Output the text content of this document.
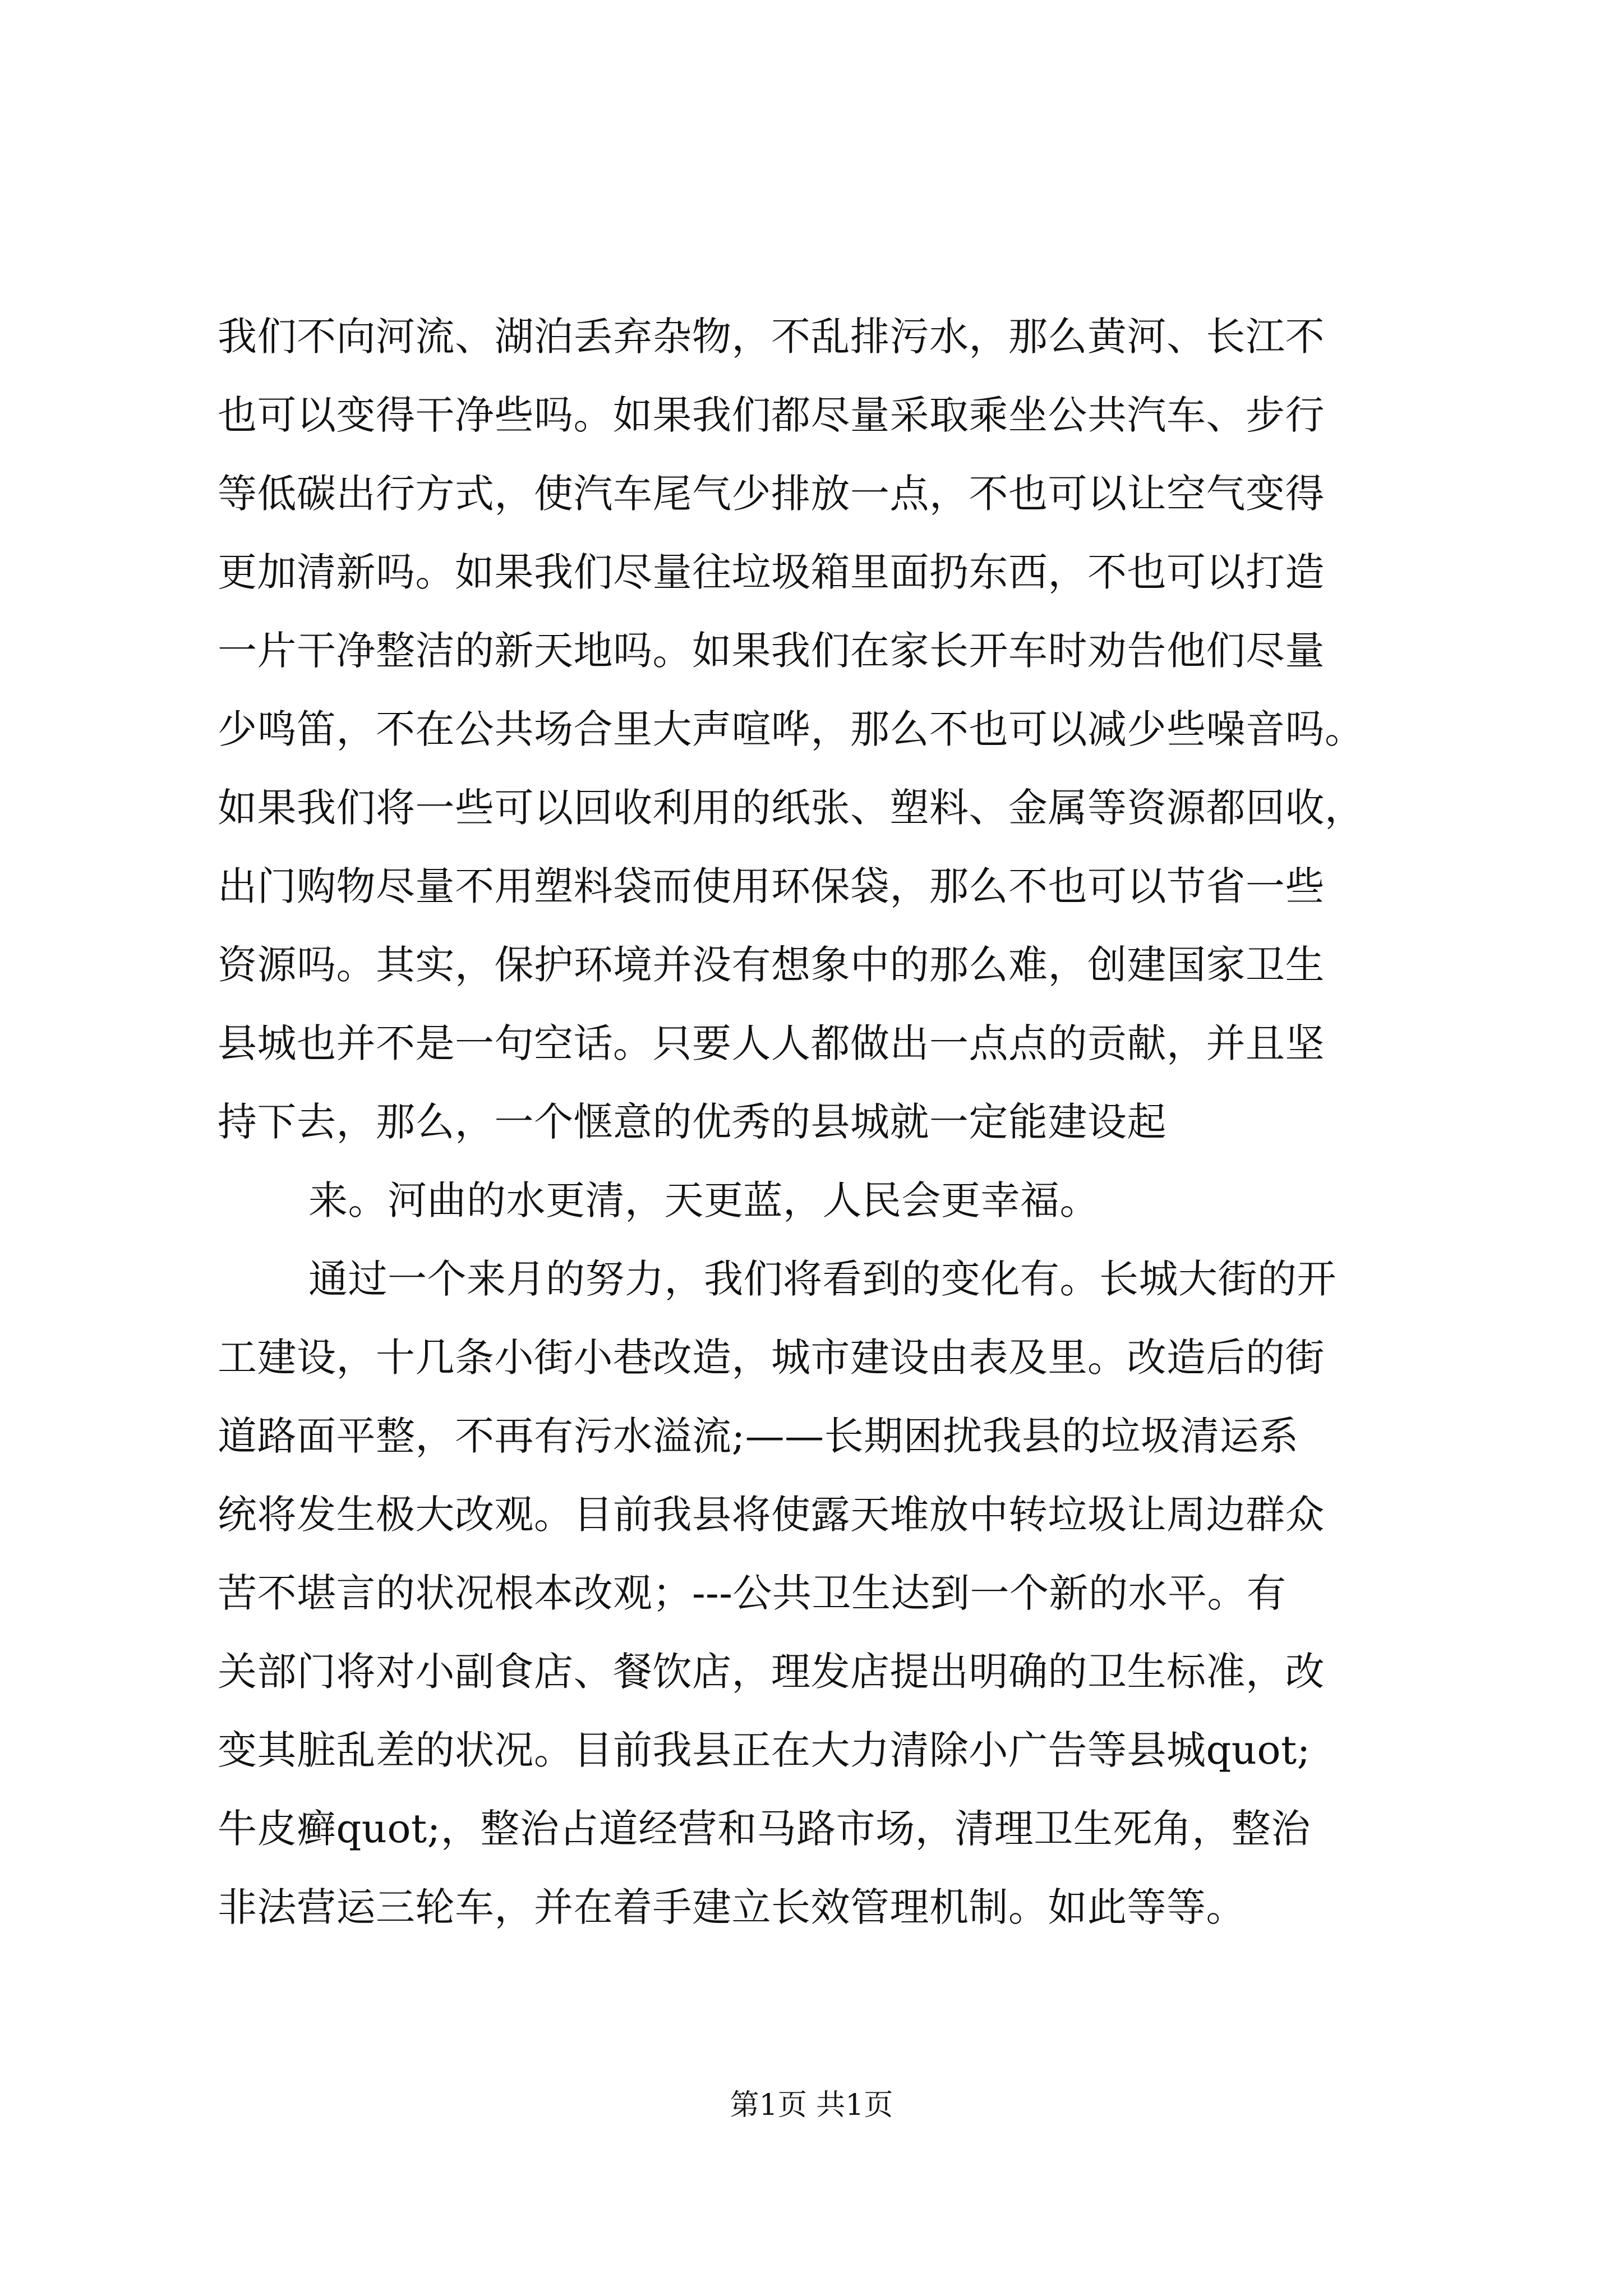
我们不向河流、湖泊丢弃杂物，不乱排污水，那么黄河、长江不
也可以变得干净些吗。如果我们都尽量采取乘坐公共汽车、步行
等低碳出行方式，使汽车尾气少排放一点，不也可以让空气变得
更加清新吗。如果我们尽量往垃圾箱里面扔东西，不也可以打造
一片干净整洁的新天地吗。如果我们在家长开车时劝告他们尽量
少鸣笛，不在公共场合里大声喧哗，那么不也可以减少些噪音吗。
如果我们将一些可以回收利用的纸张、塑料、金属等资源都回收，
出门购物尽量不用塑料袋而使用环保袋，那么不也可以节省一些
资源吗。其实，保护环境并没有想象中的那么难，创建国家卫生
县城也并不是一句空话。只要人人都做出一点点的贡献，并且坚
持下去，那么，一个惬意的优秀的县城就一定能建设起
来。河曲的水更清，天更蓝，人民会更幸福。
通过一个来月的努力，我们将看到的变化有。长城大街的开
工建设，十几条小街小巷改造，城市建设由表及里。改造后的街
道路面平整，不再有污水溢流;——长期困扰我县的垃圾清运系
统将发生极大改观。目前我县将使露天堆放中转垃圾让周边群众
苦不堪言的状况根本改观；---公共卫生达到一个新的水平。有
关部门将对小副食店、餐饮店，理发店提出明确的卫生标准，改
变其脏乱差的状况。目前我县正在大力清除小广告等县城quot;
牛皮癣quot;，整治占道经营和马路市场，清理卫生死角，整治
非法营运三轮车，并在着手建立长效管理机制。如此等等。
第1页 共1页
